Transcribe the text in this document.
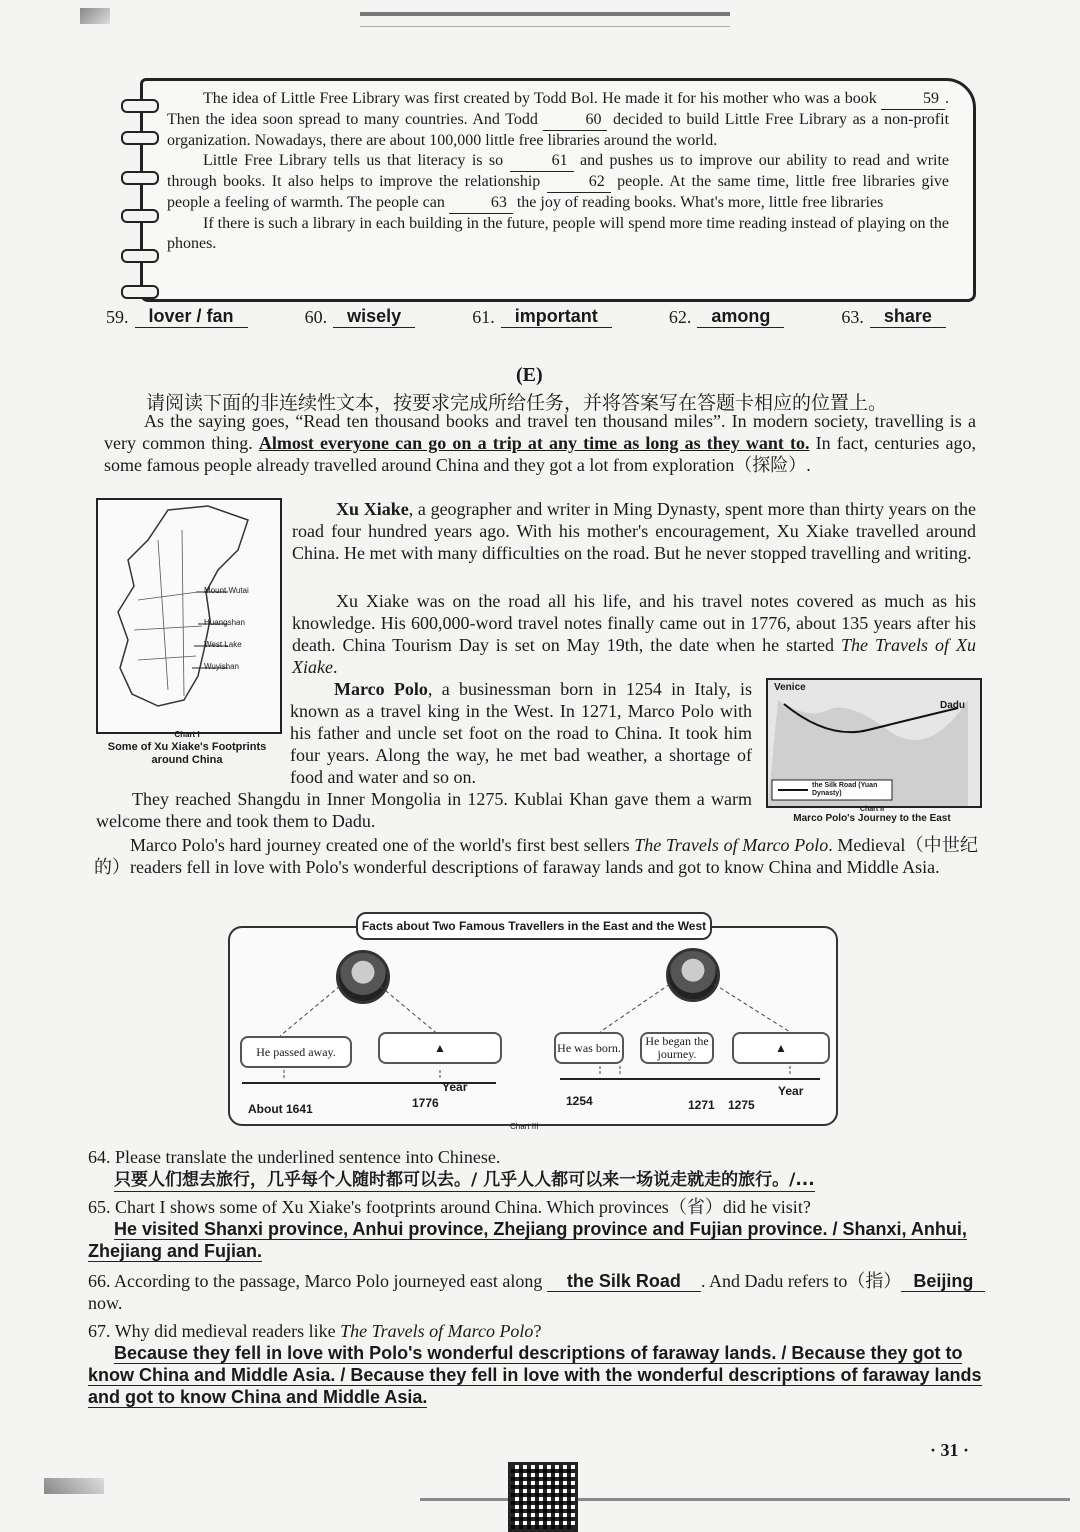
The idea of Little Free Library was first created by Todd Bol. He made it for his mother who was a book	59 . Then the idea soon spread to many countries. And Todd	60 decided to build Little Free Library as a non-profit organization. Nowadays, there are about 100,000 little free libraries around the world.

Little Free Library tells us that literacy is so	61 and pushes us to improve our ability to read and write through books. It also helps to improve the relationship	62 people. At the same time, little free libraries give people a feeling of warmth. The people can	63 the joy of reading books. What's more, little free libraries

If there is such a library in each building in the future, people will spend more time reading instead of playing on the phones.

59.	lover / fan	60.	wisely	61.	important	62.	among	63.	share
(E)
请阅读下面的非连续性文本，按要求完成所给任务，并将答案写在答题卡相应的位置上。

As the saying goes, “Read ten thousand books and travel ten thousand miles”. In modern society, travelling is a very common thing. Almost everyone can go on a trip at any time as long as they want to. In fact, centuries ago, some famous people already travelled around China and they got a lot from exploration（探险）.

Mount Wutai
Huangshan
West Lake
Wuyishan
Chart I
Some of Xu Xiake's Footprints around China

Xu Xiake, a geographer and writer in Ming Dynasty, spent more than thirty years on the road four hundred years ago. With his mother's encouragement, Xu Xiake travelled around China. He met with many difficulties on the road. But he never stopped travelling and writing.

Xu Xiake was on the road all his life, and his travel notes covered as much as his knowledge. His 600,000-word travel notes finally came out in 1776, about 135 years after his death. China Tourism Day is set on May 19th, the date when he started The Travels of Xu Xiake.

Marco Polo, a businessman born in 1254 in Italy, is known as a travel king in the West. In 1271, Marco Polo with his father and uncle set foot on the road to China. It took him four years. Along the way, he met bad weather, a shortage of food and water and so on.

Venice
Dadu
the Silk Road (Yuan Dynasty)
Chart II
Marco Polo's Journey to the East

They reached Shangdu in Inner Mongolia in 1275. Kublai Khan gave them a warm welcome there and took them to Dadu.

Marco Polo's hard journey created one of the world's first best sellers The Travels of Marco Polo. Medieval（中世纪的）readers fell in love with Polo's wonderful descriptions of faraway lands and got to know China and Middle Asia.

He passed away.	▲	He was born.	He began the journey.	▲
About 1641	1776
Year
1254	1271 1275
Year
Facts about Two Famous Travellers in the East and the West
Chart III

64. Please translate the underlined sentence into Chinese.
只要人们想去旅行，几乎每个人随时都可以去。/ 几乎人人都可以来一场说走就走的旅行。/...

65. Chart I shows some of Xu Xiake's footprints around China. Which provinces（省）did he visit?
He visited Shanxi province, Anhui province, Zhejiang province and Fujian province. / Shanxi, Anhui, Zhejiang and Fujian.

66. According to the passage, Marco Polo journeyed east along the Silk Road . And Dadu refers to（指） Beijing now.

67. Why did medieval readers like The Travels of Marco Polo?
Because they fell in love with Polo's wonderful descriptions of faraway lands. / Because they got to know China and Middle Asia. / Because they fell in love with the wonderful descriptions of faraway lands and got to know China and Middle Asia.

· 31 ·
